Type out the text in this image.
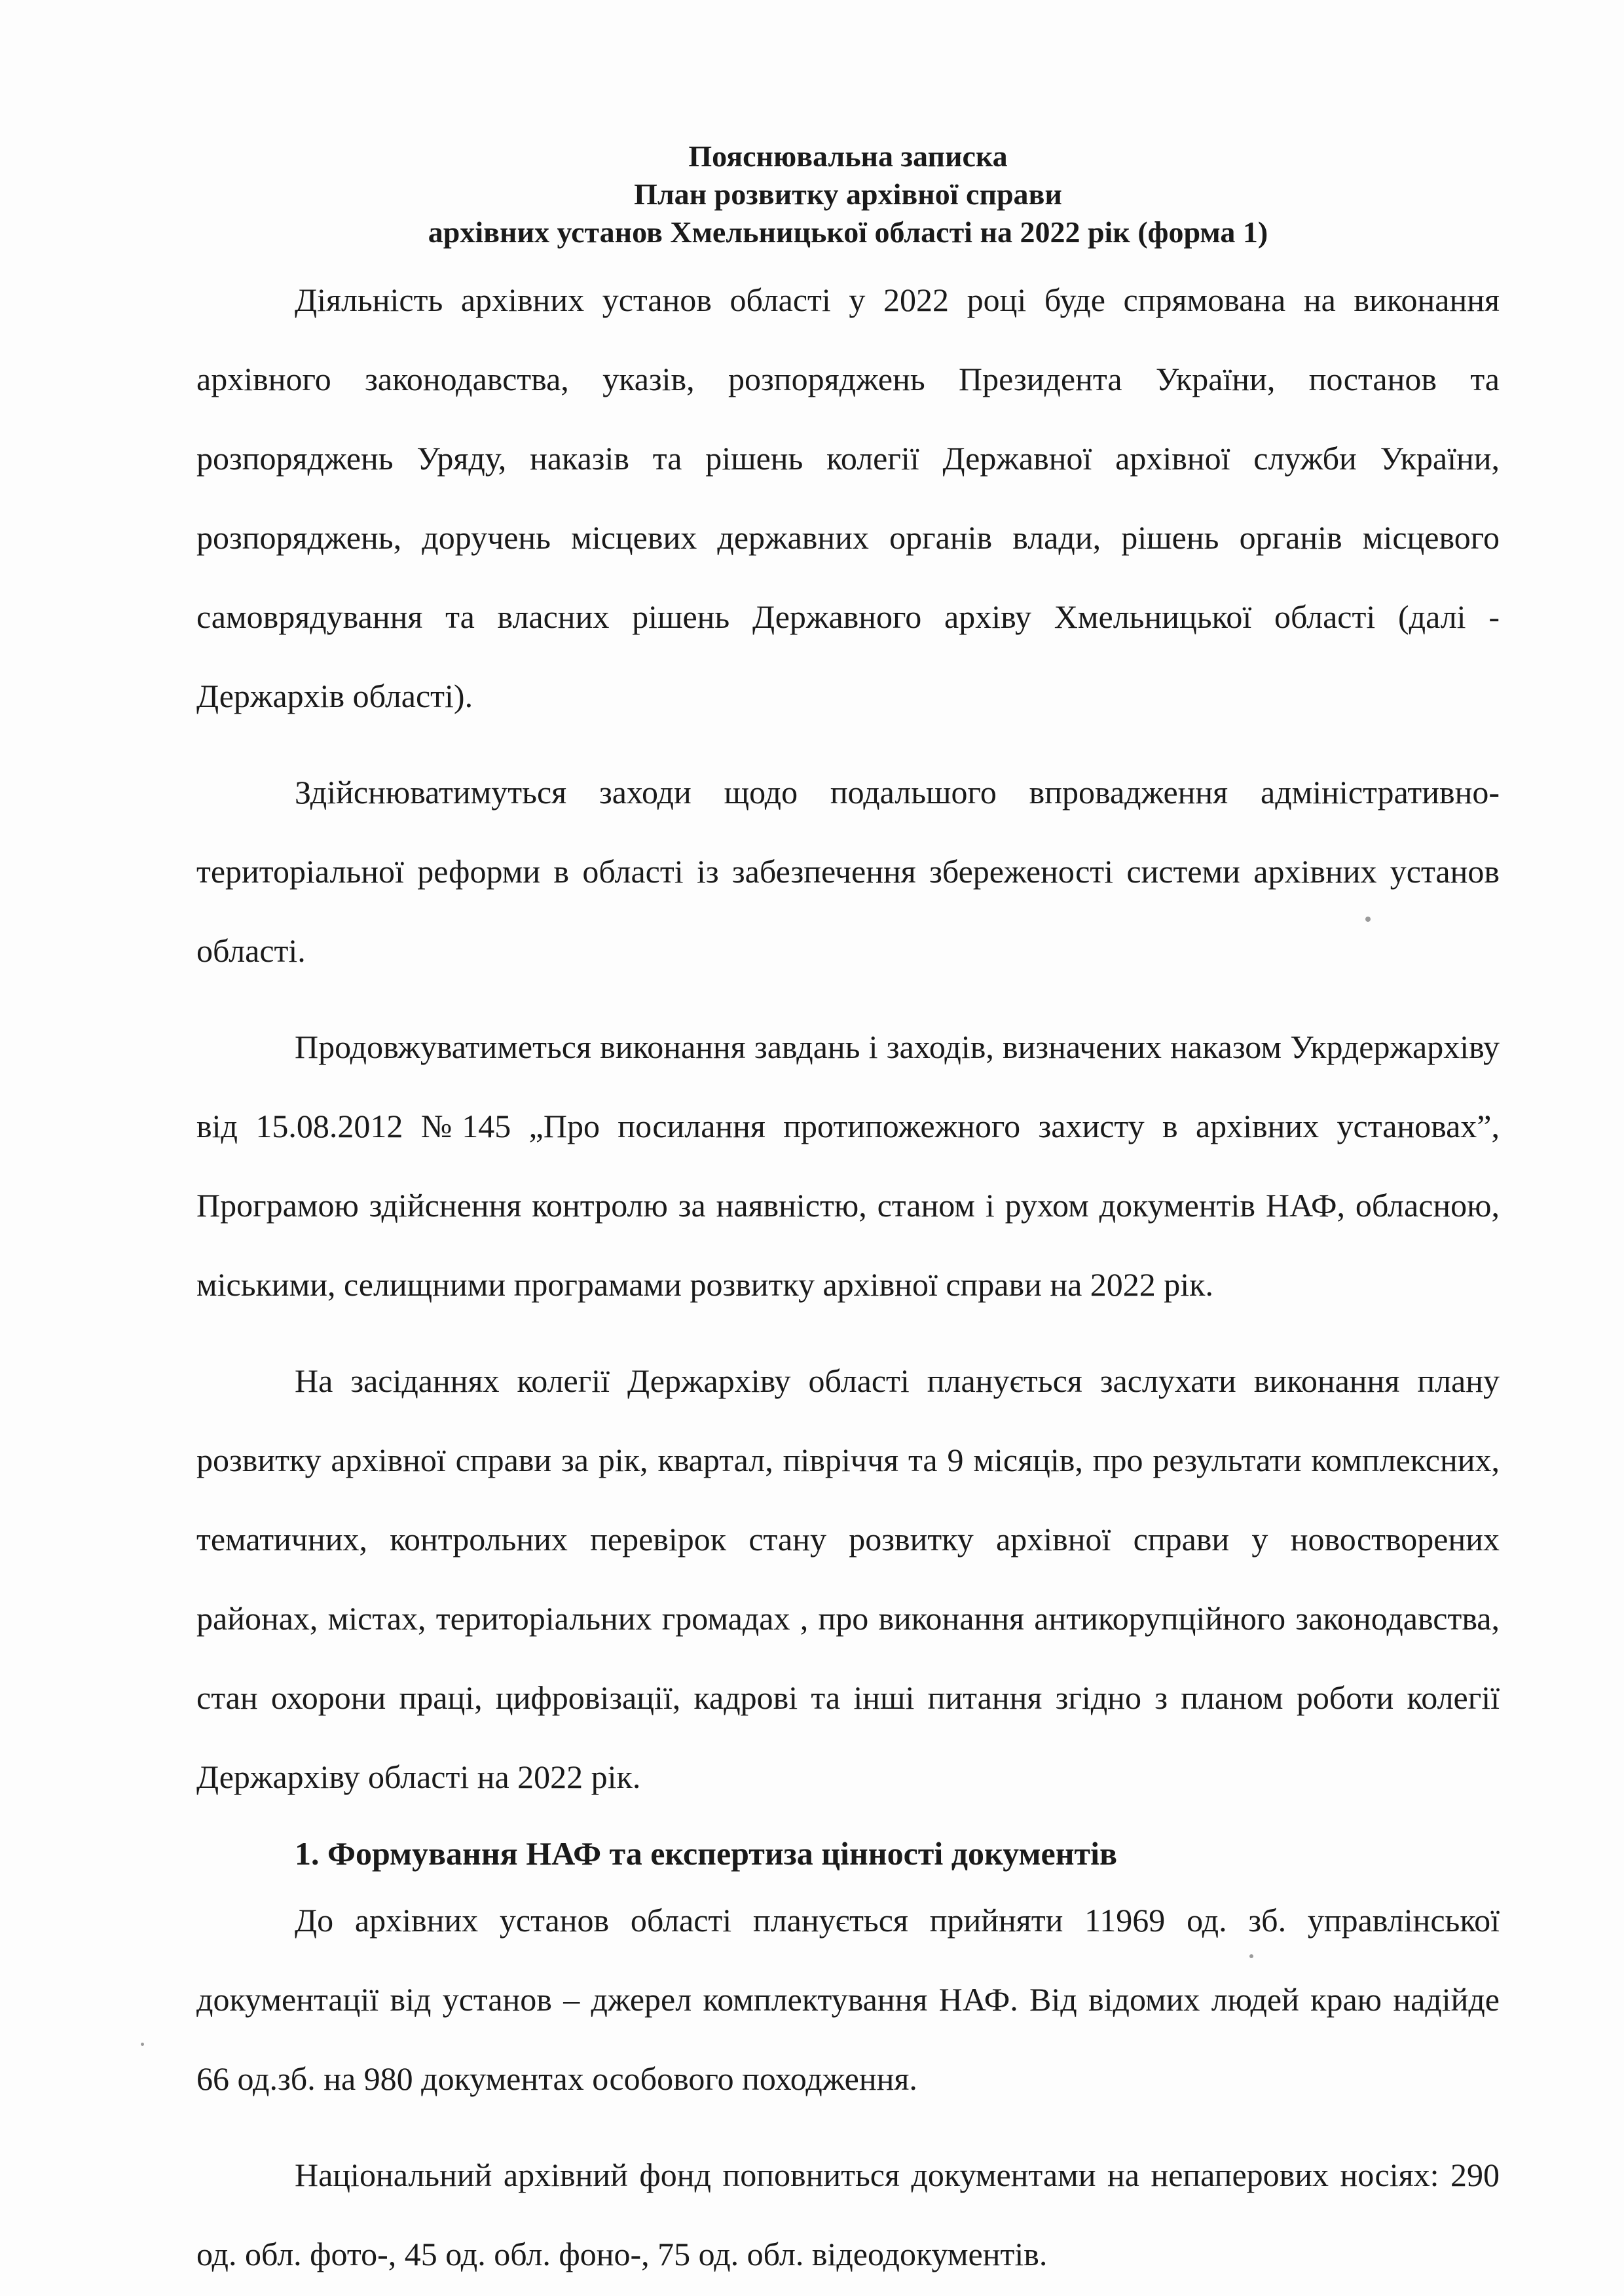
Пояснювальна записка
План розвитку архівної справи
архівних установ Хмельницької області на 2022 рік (форма 1)

Діяльність архівних установ області у 2022 році буде спрямована на виконання архівного законодавства, указів, розпоряджень Президента України, постанов та розпоряджень Уряду, наказів та рішень колегії Державної архівної служби України, розпоряджень, доручень місцевих державних органів влади, рішень органів місцевого самоврядування та власних рішень Державного архіву Хмельницької області (далі - Держархів області).

Здійснюватимуться заходи щодо подальшого впровадження адміністративно-територіальної реформи в області із забезпечення збереженості системи архівних установ області.

Продовжуватиметься виконання завдань і заходів, визначених наказом Укрдержархіву від 15.08.2012 №145 „Про посилання протипожежного захисту в архівних установах”, Програмою здійснення контролю за наявністю, станом і рухом документів НАФ, обласною, міськими, селищними програмами розвитку архівної справи на 2022 рік.

На засіданнях колегії Держархіву області планується заслухати виконання плану розвитку архівної справи за рік, квартал, півріччя та 9 місяців, про результати комплексних, тематичних, контрольних перевірок стану розвитку архівної справи у новостворених районах, містах, територіальних громадах , про виконання антикорупційного законодавства, стан охорони праці, цифровізації, кадрові та інші питання згідно з планом роботи колегії Держархіву області на 2022 рік.

1. Формування НАФ та експертиза цінності документів

До архівних установ області планується прийняти 11969 од. зб. управлінської документації від установ – джерел комплектування НАФ. Від відомих людей краю надійде 66 од.зб. на 980 документах особового походження.

Національний архівний фонд поповниться документами на непаперових носіях: 290 од. обл. фото-, 45 од. обл. фоно-, 75 од. обл. відеодокументів.
